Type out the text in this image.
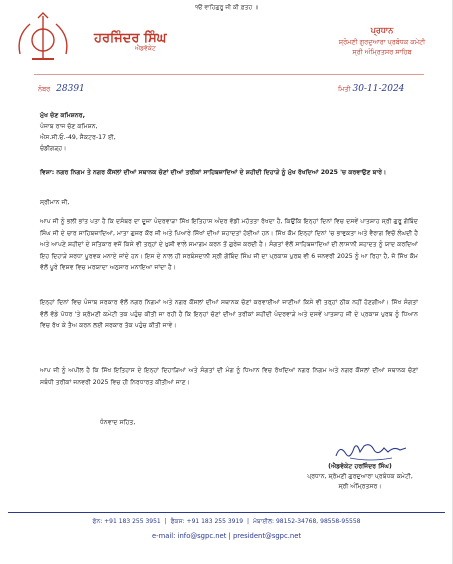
੧ੳ ਵਾਹਿਗੁਰੂ ਜੀ ਕੀ ਫ਼ਤਹ ॥
ਹਰਜਿੰਦਰ ਸਿੰਘ
ਐਡਵੋਕੇਟ
ਪ੍ਰਧਾਨ
ਸ਼੍ਰੋਮਣੀ ਗੁਰਦੁਆਰਾ ਪ੍ਰਬੰਧਕ ਕਮੇਟੀ
ਸ੍ਰੀ ਅੰਮ੍ਰਿਤਸਰ ਸਾਹਿਬ
ਨੰਬਰ 28391	ਮਿਤੀ 30-11-2024
ਮੁੱਖ ਚੋਣ ਕਮਿਸ਼ਨਰ,
ਪੰਜਾਬ ਰਾਜ ਚੋਣ ਕਮਿਸ਼ਨ,
ਐਸ.ਸੀ.ਓ.-49, ਸੈਕਟਰ-17 ਈ,
ਚੰਡੀਗੜ੍ਹ।
ਵਿਸ਼ਾ: ਨਗਰ ਨਿਗਮ ਤੇ ਨਗਰ ਕੌਂਸਲਾਂ ਦੀਆਂ ਸਥਾਨਕ ਚੋਣਾਂ ਦੀਆਂ ਤਰੀਕਾਂ ਸਾਹਿਬਜ਼ਾਦਿਆਂ ਦੇ ਸ਼ਹੀਦੀ ਦਿਹਾੜੇ ਨੂੰ ਮੁੱਖ ਰੱਖਦਿਆਂ 2025 'ਚ ਕਰਵਾਉਣ ਬਾਰੇ।
ਸ੍ਰੀਮਾਨ ਜੀ,
ਆਪ ਜੀ ਨੂੰ ਭਲੀ ਭਾਂਤ ਪਤਾ ਹੈ ਕਿ ਦਸੰਬਰ ਦਾ ਦੂਜਾ ਪੰਦਰਵਾੜਾ ਸਿੱਖ ਇਤਿਹਾਸ ਅੰਦਰ ਵੱਡੀ ਮਹੱਤਤਾ ਰੱਖਦਾ ਹੈ, ਕਿਉਂਕਿ ਇਨ੍ਹਾਂ ਦਿਨਾਂ ਵਿਚ ਦਸਵੇਂ ਪਾਤਸ਼ਾਹ ਸ੍ਰੀ ਗੁਰੂ ਗੋਬਿੰਦ ਸਿੰਘ ਜੀ ਦੇ ਚਾਰ ਸਾਹਿਬਜ਼ਾਦਿਆਂ, ਮਾਤਾ ਗੁਜਰ ਕੌਰ ਜੀ ਅਤੇ ਪਿਆਰੇ ਸਿੱਖਾਂ ਦੀਆਂ ਸ਼ਹਾਦਤਾਂ ਹੋਈਆਂ ਹਨ। ਸਿੱਖ ਕੌਮ ਇਨ੍ਹਾਂ ਦਿਨਾਂ 'ਚ ਭਾਵੁਕਤਾ ਅਤੇ ਵੈਰਾਗ ਵਿਚੋਂ ਲੰਘਦੀ ਹੈ ਅਤੇ ਆਪਣੇ ਸ਼ਹੀਦਾਂ ਦੇ ਸਤਿਕਾਰ ਵਜੋਂ ਕਿਸੇ ਵੀ ਤਰ੍ਹਾਂ ਦੇ ਖ਼ੁਸ਼ੀ ਵਾਲੇ ਸਮਾਗਮ ਕਰਨ ਤੋਂ ਗੁਰੇਜ਼ ਕਰਦੀ ਹੈ। ਸੰਗਤਾਂ ਵੱਲੋਂ ਸਾਹਿਬਜ਼ਾਦਿਆਂ ਦੀ ਲਾਸਾਨੀ ਸ਼ਹਾਦਤ ਨੂੰ ਯਾਦ ਕਰਦਿਆਂ ਇਹ ਦਿਹਾੜੇ ਸ਼ਰਧਾ ਪੂਰਵਕ ਮਨਾਏ ਜਾਂਦੇ ਹਨ। ਇਸ ਦੇ ਨਾਲ ਹੀ ਸਰਬੰਸਦਾਨੀ ਸ੍ਰੀ ਗੋਬਿੰਦ ਸਿੰਘ ਜੀ ਦਾ ਪ੍ਰਕਾਸ਼ ਪੁਰਬ ਵੀ 6 ਜਨਵਰੀ 2025 ਨੂੰ ਆ ਰਿਹਾ ਹੈ, ਜੋ ਸਿੱਖ ਕੌਮ ਵੱਲੋਂ ਪੂਰੇ ਵਿਸ਼ਵ ਵਿਚ ਮਰਯਾਦਾ ਅਨੁਸਾਰ ਮਨਾਇਆ ਜਾਂਦਾ ਹੈ।
ਇਨ੍ਹਾਂ ਦਿਨਾਂ ਵਿਚ ਪੰਜਾਬ ਸਰਕਾਰ ਵੱਲੋਂ ਨਗਰ ਨਿਗਮਾਂ ਅਤੇ ਨਗਰ ਕੌਂਸਲਾਂ ਦੀਆਂ ਸਥਾਨਕ ਚੋਣਾਂ ਕਰਵਾਈਆਂ ਜਾਣੀਆਂ ਕਿਸੇ ਵੀ ਤਰ੍ਹਾਂ ਠੀਕ ਨਹੀਂ ਹੋਣਗੀਆਂ। ਸਿੱਖ ਸੰਗਤਾਂ ਵੱਲੋਂ ਵੱਡੇ ਪੱਧਰ 'ਤੇ ਸ਼੍ਰੋਮਣੀ ਕਮੇਟੀ ਤਕ ਪਹੁੰਚ ਕੀਤੀ ਜਾ ਰਹੀ ਹੈ ਕਿ ਇਨ੍ਹਾਂ ਚੋਣਾਂ ਦੀਆਂ ਤਰੀਕਾਂ ਸ਼ਹੀਦੀ ਪੰਦਰਵਾੜੇ ਅਤੇ ਦਸਵੇਂ ਪਾਤਸ਼ਾਹ ਜੀ ਦੇ ਪ੍ਰਕਾਸ਼ ਪੁਰਬ ਨੂੰ ਧਿਆਨ ਵਿਚ ਰੱਖ ਕੇ ਤੈਅ ਕਰਨ ਲਈ ਸਰਕਾਰ ਤੱਕ ਪਹੁੰਚ ਕੀਤੀ ਜਾਵੇ।
ਆਪ ਜੀ ਨੂੰ ਅਪੀਲ ਹੈ ਕਿ ਸਿੱਖ ਇਤਿਹਾਸ ਦੇ ਇਨ੍ਹਾਂ ਦਿਹਾੜਿਆਂ ਅਤੇ ਸੰਗਤਾਂ ਦੀ ਮੰਗ ਨੂੰ ਧਿਆਨ ਵਿਚ ਰੱਖਦਿਆਂ ਨਗਰ ਨਿਗਮ ਅਤੇ ਨਗਰ ਕੌਂਸਲਾਂ ਦੀਆਂ ਸਥਾਨਕ ਚੋਣਾਂ ਸਬੰਧੀ ਤਰੀਕਾਂ ਜਨਵਰੀ 2025 ਵਿਚ ਹੀ ਨਿਰਧਾਰਤ ਕੀਤੀਆਂ ਜਾਣ।
ਧੰਨਵਾਦ ਸਹਿਤ,
(ਐਡਵੋਕੇਟ ਹਰਜਿੰਦਰ ਸਿੰਘ)
ਪ੍ਰਧਾਨ, ਸ਼੍ਰੋਮਣੀ ਗੁਰਦੁਆਰਾ ਪ੍ਰਬੰਧਕ ਕਮੇਟੀ,
ਸ੍ਰੀ ਅੰਮ੍ਰਿਤਸਰ।
ਫੋਨ: +91 183 255 3951 | ਫੈਕਸ: +91 183 255 3919 | ਮੋਬਾਈਲ: 98152-34768, 98558-95558
e-mail: info@sgpc.net | president@sgpc.net
